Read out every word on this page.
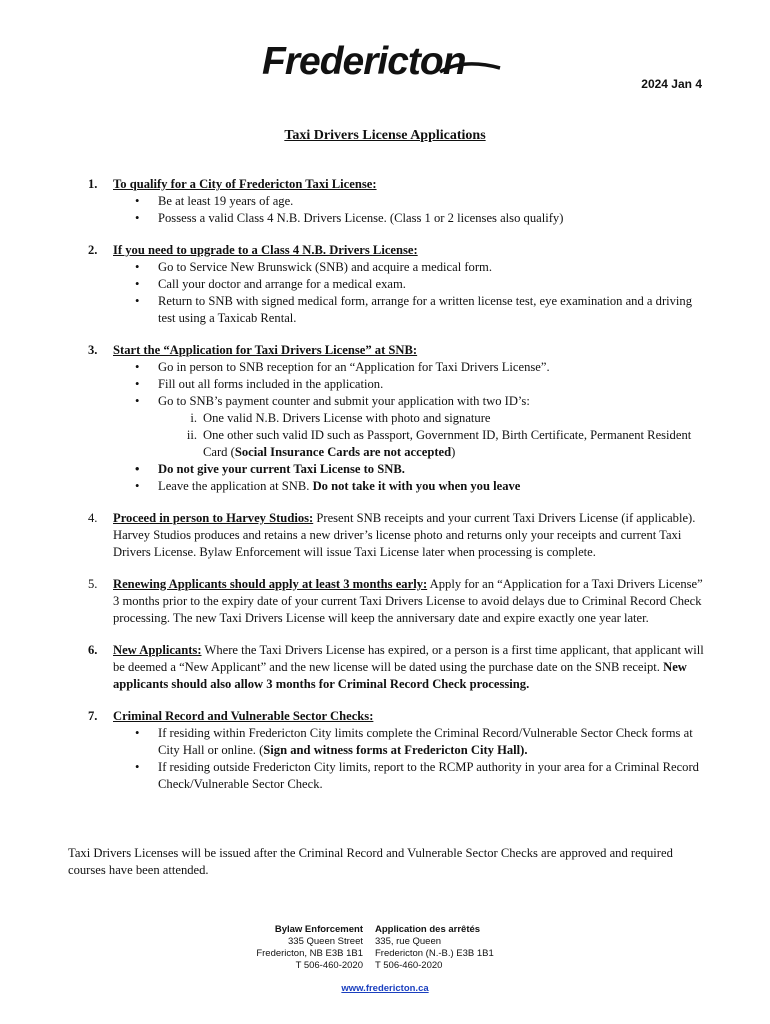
Fredericton
2024 Jan 4
Taxi Drivers License Applications
1.	To qualify for a City of Fredericton Taxi License:
• Be at least 19 years of age.
• Possess a valid Class 4 N.B. Drivers License. (Class 1 or 2 licenses also qualify)
2.	If you need to upgrade to a Class 4 N.B. Drivers License:
• Go to Service New Brunswick (SNB) and acquire a medical form.
• Call your doctor and arrange for a medical exam.
• Return to SNB with signed medical form, arrange for a written license test, eye examination and a driving test using a Taxicab Rental.
3.	Start the “Application for Taxi Drivers License” at SNB:
• Go in person to SNB reception for an “Application for Taxi Drivers License”.
• Fill out all forms included in the application.
• Go to SNB’s payment counter and submit your application with two ID’s:
i. One valid N.B. Drivers License with photo and signature
ii. One other such valid ID such as Passport, Government ID, Birth Certificate, Permanent Resident Card (Social Insurance Cards are not accepted)
• Do not give your current Taxi License to SNB.
• Leave the application at SNB. Do not take it with you when you leave
4.	Proceed in person to Harvey Studios: Present SNB receipts and your current Taxi Drivers License (if applicable). Harvey Studios produces and retains a new driver’s license photo and returns only your receipts and current Taxi Drivers License. Bylaw Enforcement will issue Taxi License later when processing is complete.

5.	Renewing Applicants should apply at least 3 months early: Apply for an “Application for a Taxi Drivers License” 3 months prior to the expiry date of your current Taxi Drivers License to avoid delays due to Criminal Record Check processing. The new Taxi Drivers License will keep the anniversary date and expire exactly one year later.

6.	New Applicants: Where the Taxi Drivers License has expired, or a person is a first time applicant, that applicant will be deemed a “New Applicant” and the new license will be dated using the purchase date on the SNB receipt. New applicants should also allow 3 months for Criminal Record Check processing.

7.	Criminal Record and Vulnerable Sector Checks:
• If residing within Fredericton City limits complete the Criminal Record/Vulnerable Sector Check forms at City Hall or online. (Sign and witness forms at Fredericton City Hall).
• If residing outside Fredericton City limits, report to the RCMP authority in your area for a Criminal Record Check/Vulnerable Sector Check.

Taxi Drivers Licenses will be issued after the Criminal Record and Vulnerable Sector Checks are approved and required courses have been attended.

Bylaw Enforcement
335 Queen Street
Fredericton, NB E3B 1B1
T 506-460-2020
Application des arrêtés
335, rue Queen
Fredericton (N.-B.) E3B 1B1
T 506-460-2020
www.fredericton.ca
